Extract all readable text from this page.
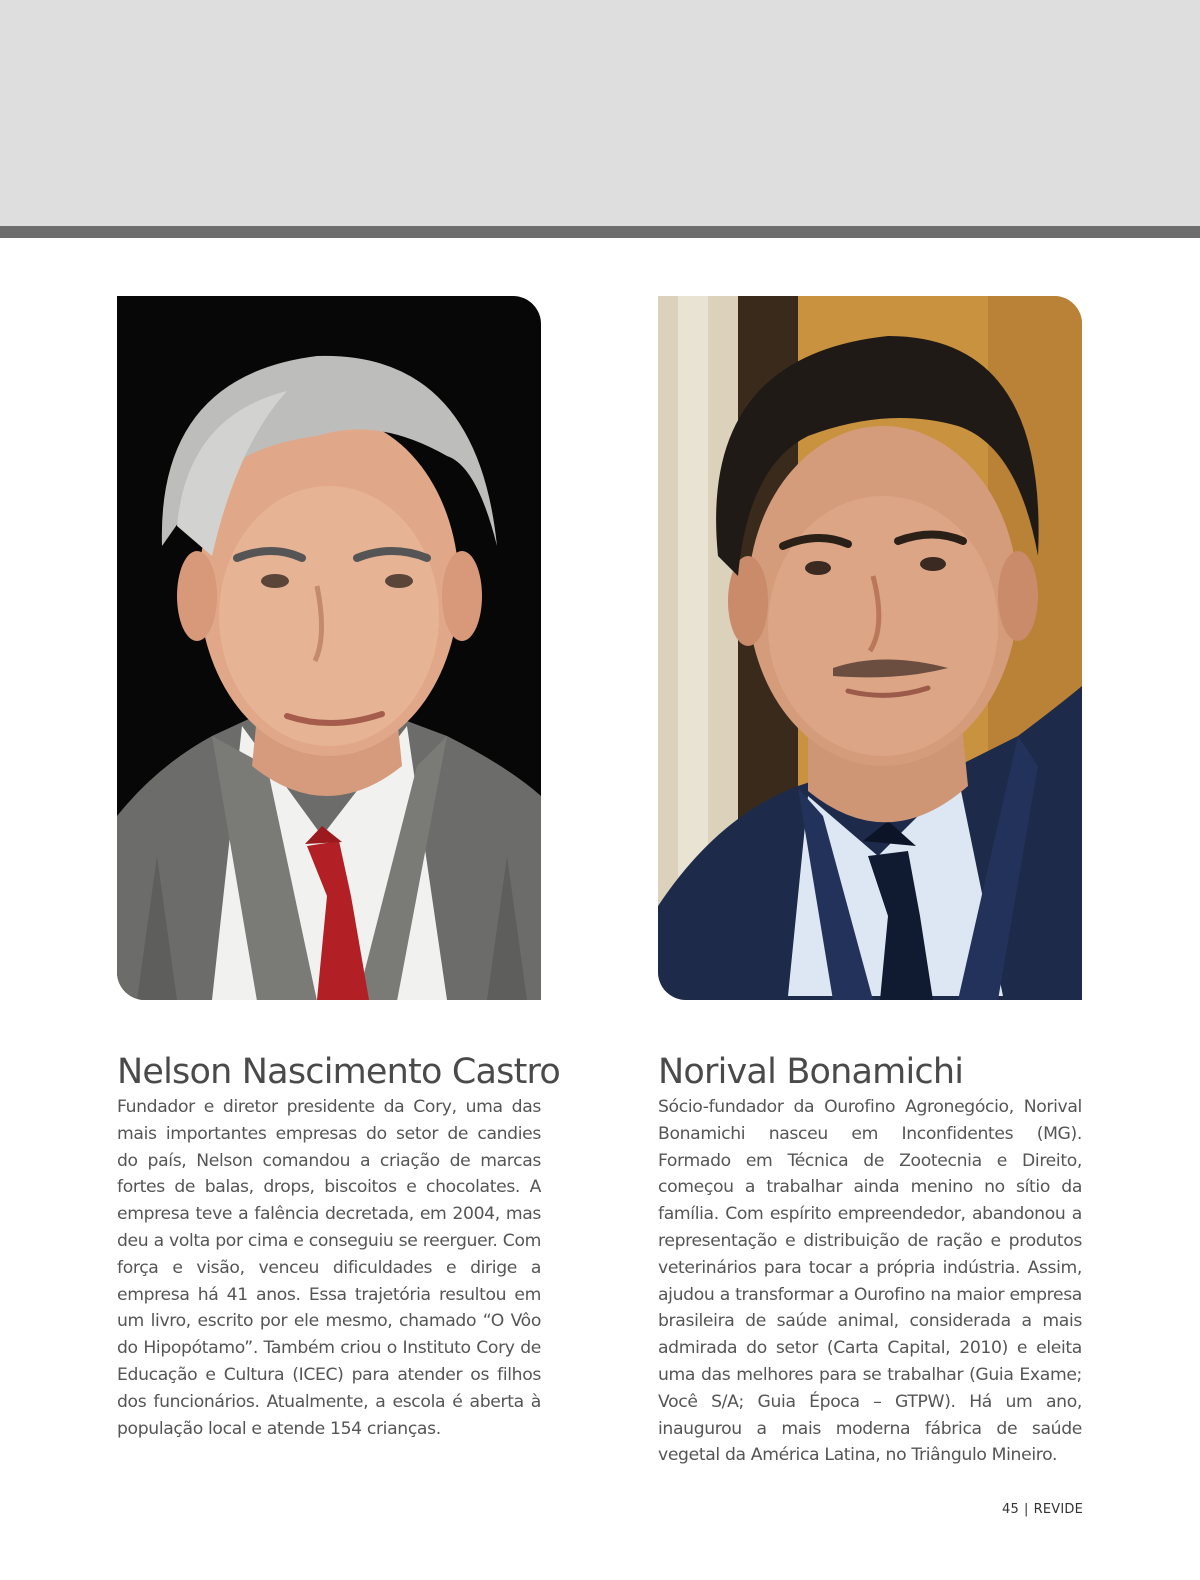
Nelson Nascimento Castro

Fundador e diretor presidente da Cory, uma das mais importantes empresas do setor de candies do país, Nelson comandou a criação de marcas fortes de balas, drops, biscoitos e chocolates. A empresa teve a falência decretada, em 2004, mas deu a volta por cima e conseguiu se reerguer. Com força e visão, venceu dificuldades e dirige a empresa há 41 anos. Essa trajetória resultou em um livro, escrito por ele mesmo, chamado “O Vôo do Hipopótamo”. Também criou o Instituto Cory de Educação e Cultura (ICEC) para atender os filhos dos funcionários. Atualmente, a escola é aberta à população local e atende 154 crianças.

Norival Bonamichi

Sócio-fundador da Ourofino Agronegócio, Norival Bonamichi nasceu em Inconfidentes (MG). Formado em Técnica de Zootecnia e Direito, começou a trabalhar ainda menino no sítio da família. Com espírito empreendedor, abandonou a representação e distribuição de ração e produtos veterinários para tocar a própria indústria. Assim, ajudou a transformar a Ourofino na maior empresa brasileira de saúde animal, considerada a mais admirada do setor (Carta Capital, 2010) e eleita uma das melhores para se trabalhar (Guia Exame; Você S/A; Guia Época – GTPW). Há um ano, inaugurou a mais moderna fábrica de saúde vegetal da América Latina, no Triângulo Mineiro.

45 | REVIDE
